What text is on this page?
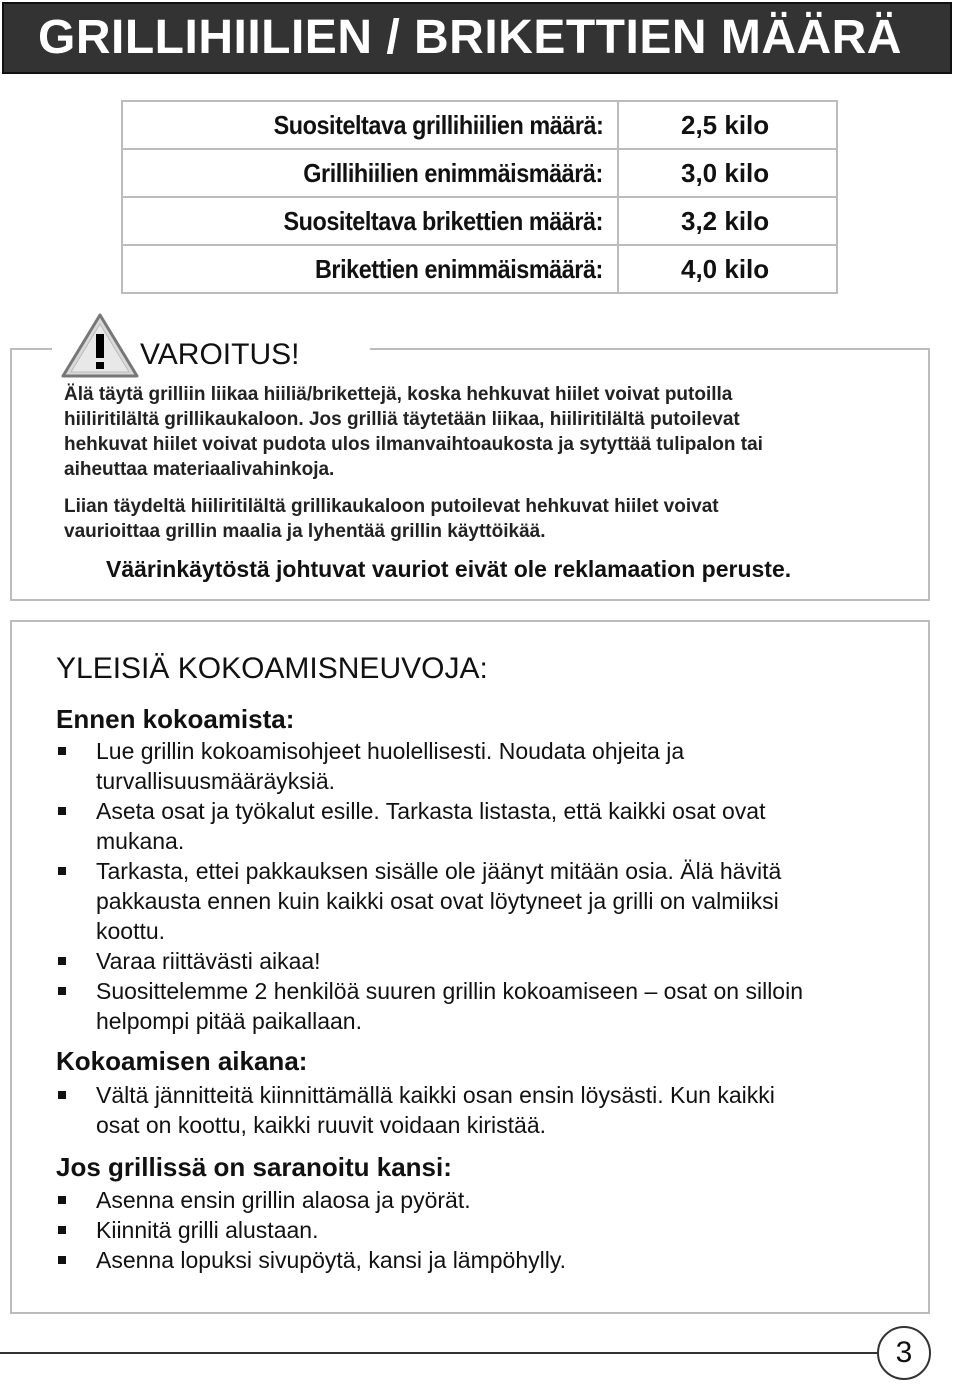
GRILLIHIILIEN / BRIKETTIEN MÄÄRÄ
Suositeltava grillihiilien määrä:	2,5 kilo
Grillihiilien enimmäismäärä:	3,0 kilo
Suositeltava brikettien määrä:	3,2 kilo
Brikettien enimmäismäärä:	4,0 kilo
VAROITUS!
Älä täytä grilliin liikaa hiiliä/brikettejä, koska hehkuvat hiilet voivat putoilla
hiiliritilältä grillikaukaloon. Jos grilliä täytetään liikaa, hiiliritilältä putoilevat
hehkuvat hiilet voivat pudota ulos ilmanvaihtoaukosta ja sytyttää tulipalon tai
aiheuttaa materiaalivahinkoja.
Liian täydeltä hiiliritilältä grillikaukaloon putoilevat hehkuvat hiilet voivat
vaurioittaa grillin maalia ja lyhentää grillin käyttöikää.
Väärinkäytöstä johtuvat vauriot eivät ole reklamaation peruste.
YLEISIÄ KOKOAMISNEUVOJA:
Ennen kokoamista:
Lue grillin kokoamisohjeet huolellisesti. Noudata ohjeita ja
turvallisuusmääräyksiä.
Aseta osat ja työkalut esille. Tarkasta listasta, että kaikki osat ovat
mukana.
Tarkasta, ettei pakkauksen sisälle ole jäänyt mitään osia. Älä hävitä
pakkausta ennen kuin kaikki osat ovat löytyneet ja grilli on valmiiksi
koottu.
Varaa riittävästi aikaa!
Suosittelemme 2 henkilöä suuren grillin kokoamiseen – osat on silloin
helpompi pitää paikallaan.
Kokoamisen aikana:
Vältä jännitteitä kiinnittämällä kaikki osan ensin löysästi. Kun kaikki
osat on koottu, kaikki ruuvit voidaan kiristää.
Jos grillissä on saranoitu kansi:
Asenna ensin grillin alaosa ja pyörät.
Kiinnitä grilli alustaan.
Asenna lopuksi sivupöytä, kansi ja lämpöhylly.
3
